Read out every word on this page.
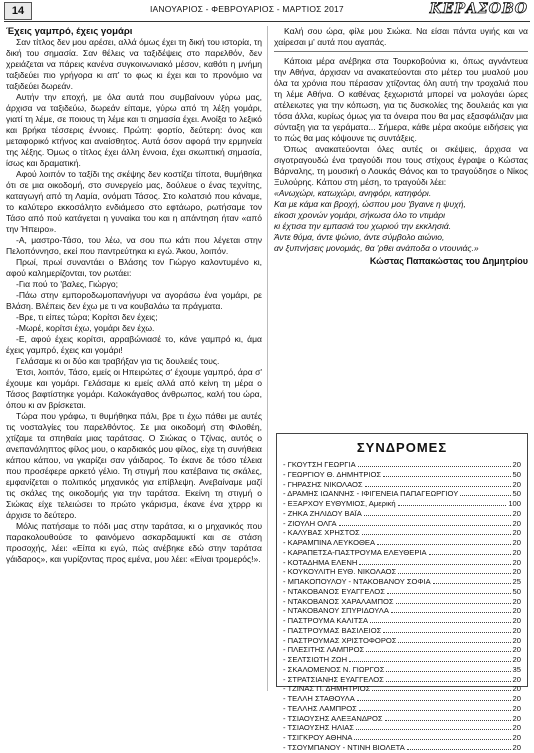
14	ΙΑΝΟΥΑΡΙΟΣ - ΦΕΒΡΟΥΑΡΙΟΣ - ΜΑΡΤΙΟΣ 2017	ΚΕΡΑΣΟΒΟ

Έχεις γαμπρό, έχεις γομάρι

Σαν τίτλος δεν μου αρέσει, αλλά όμως έχει τη δική του ιστορία, τη δική του σημασία. Σαν θέλεις να ταξιδέψεις στο παρελθόν, δεν χρειάζεται να πάρεις κανένα συγκοινωνιακό μέσον, καθότι η μνήμη ταξιδεύει πιο γρήγορα κι απ' το φως κι έχει και το προνόμιο να ταξιδεύει δωρεάν.

Αυτήν την εποχή, με όλα αυτά που συμβαίνουν γύρω μας, άρχισα να ταξιδεύω, δωρεάν είπαμε, γύρω από τη λέξη γομάρι, γιατί τη λέμε, σε ποιους τη λέμε και τι σημασία έχει. Ανοίξα το λεξικό και βρήκα τέσσερις έννοιες. Πρώτη: φορτίο, δεύτερη: όνος και μεταφορικό κτήνος και αναίσθητος. Αυτά όσον αφορά την ερμηνεία της λέξης. Όμως ο τίτλος έχει άλλη έννοια, έχει σκωπτική σημασία, ίσως και δραματική.

Αφού λοιπόν το ταξίδι της σκέψης δεν κοστίζει τίποτα, θυμήθηκα ότι σε μια οικοδομή, στο συνεργείο μας, δούλευε ο ένας τεχνίτης, καταγωγή από τη Λαμία, ονόματι Τάσος. Στο κολατσιό που κάναμε, το καλύτερο εκκοσάλητο ενδιάμεσο στο εφτάωρο, ρωτήσαμε τον Τάσο από πού κατάγεται η γυναίκα του και η απάντηση ήταν «από την Ήπειρο».

-Α, μαστρο-Τάσο, του λέω, να σου πω κάτι που λέγεται στην Πελοπόννησο, εκεί που παντρεύτηκα κι εγώ. Άκου, λοιπόν.

Πρωί, πρωί συναντάει ο Βλάσης τον Γιώργο καλοντυμένο κι, αφού καλημερίζονται, τον ρωτάει:

-Για πού το 'βαλες, Γιώργο;

-Πάω στην εμποροδωμοπανήγυρι να αγοράσω ένα γομάρι, ρε Βλάση. Βλέπεις δεν έχω με τι να κουβαλάω τα πράγματα.

-Βρε, τι είπες τώρα; Κορίτσι δεν έχεις;

-Μωρέ, κορίτσι έχω, γομάρι δεν έχω.

-Ε, αφού έχεις κορίτσι, αρραβώνιασέ το, κάνε γαμπρό κι, άμα έχεις γαμπρό, έχεις και γομάρι!

Γελάσαμε κι οι δύο και τραβήξαν για τις δουλειές τους.

Έτσι, λοιπόν, Τάσο, εμείς οι Ηπειρώτες σ' έχουμε γαμπρό, άρα σ' έχουμε και γομάρι. Γελάσαμε κι εμείς αλλά από κείνη τη μέρα ο Τάσος βαφτίστηκε γομάρι. Καλοκάγαθος άνθρωπος, καλή του ώρα, όπου κι αν βρίσκεται.

Τώρα που γράφω, τι θυμήθηκα πάλι, βρε τι έχω πάθει με αυτές τις νοσταλγίες του παρελθόντος. Σε μια οικοδομή στη Φιλοθέη, χτίζαμε τα σπηθαία μιας ταράτσας. Ο Σιώκας ο Τζίνας, αυτός ο ανεπανάληπτος φίλος μου, ο καρδιακός μου φίλος, είχε τη συνήθεια κάπου κάπου, να γκαρίζει σαν γάιδαρος. Το έκανε δε τόσο τέλεια που προσέφερε αρκετό γέλιο. Τη στιγμή που κατέβαινα τις σκάλες, εμφανίζεται ο πολιτικός μηχανικός για επίβλεψη. Ανεβαίναμε μαζί τις σκάλες της οικοδομής για την ταράτσα. Εκείνη τη στιγμή ο Σιώκας είχε τελειώσει το πρώτο γκάρισμα, έκανε ένα χτρρρ κι άρχισε το δεύτερο.

Μόλις πατήσαμε το πόδι μας στην ταράτσα, κι ο μηχανικός που παρακολουθούσε το φαινόμενο ασκαρδαμυκτί και σε στάση προσοχής, λέει: «Είπα κι εγώ, πώς ανέβηκε εδώ στην ταράτσα γάιδαρος», και γυρίζοντας προς εμένα, μου λέει: «Είναι τρομερός!».

Καλή σου ώρα, φίλε μου Σιώκα. Να είσαι πάντα υγιής και να χαίρεσαι μ' αυτά που αγαπάς.

Κάποια μέρα ανέβηκα στα Τουρκοβούνια κι, όπως αγνάντευα την Αθήνα, άρχισαν να ανακατεύονται στο μέτερ του μυαλού μου όλα τα χρόνια που πέρασαν χτίζοντας όλη αυτή την τροχαλιά που τη λέμε Αθήνα. Ο καθένας ξεχωριστά μπορεί να μολογάει ώρες ατέλειωτες για την κόπωση, για τις δυσκολίες της δουλειάς και για τόσα άλλα, κυρίως όμως για τα όνειρα που θα μας εξασφάλιζαν μια σύνταξη για τα γεράματα... Σήμερα, κάθε μέρα ακούμε ειδήσεις για το πώς θα μας κόψουνε τις συντάξεις.

Όπως ανακατεύονται όλες αυτές οι σκέψεις, άρχισα να σιγοτραγουδώ ένα τραγούδι που τους στίχους έγραψε ο Κώστας Βάρναλης, τη μουσική ο Λουκάς Θάνος και το τραγούδησε ο Νίκος Ξυλούρης. Κάπου στη μέση, το τραγούδι λέει:

«Ανωχώρι, κατωχώρι, ανηφόρι, κατηφόρι.

Και με κάμα και βροχή, ώσπου μου 'βγαινε η ψυχή,

είκοσι χρονών γομάρι, σήκωσα όλο το ντιμάρι

κι έχτισα την εμπασιά του χωριού την εκκλησιά.

Άντε θύμα, άντε ψώνιο, άντε σύμβολο αιώνιο,

αν ξυπνήσεις μονομιάς, θα 'ρθει ανάποδα ο ντουνιάς.»

Κώστας Παπακώστας του Δημητρίου

ΣΥΝΔΡΟΜΕΣ
- ΓΚΟΥΤΣΗ ΓΕΩΡΓΙΑ	20
- ΓΕΩΡΓΙΟΥ Θ. ΔΗΜΗΤΡΙΟΣ	50
- ΓΗΡΑΣΗΣ ΝΙΚΟΛΑΟΣ	20
- ΔΡΑΜΗΣ ΙΩΑΝΝΗΣ - ΙΦΙΓΕΝΕΙΑ ΠΑΠΑΓΕΩΡΓΙΟΥ	50
- ΕΞΑΡΧΟΥ ΕΥΘΥΜΙΟΣ, Αμερική	100
- ΖΗΚΑ ΖΗΛΙΔΟΥ ΒΑΪΑ	20
- ΖΙΟΥΛΗ ΟΛΓΑ	20
- ΚΑΛΥΒΑΣ ΧΡΗΣΤΟΣ	20
- ΚΑΡΑΜΠΙΝΑ ΛΕΥΚΟΘΕΑ	20
- ΚΑΡΑΠΕΤΣΑ-ΠΑΣΤΡΟΥΜΑ ΕΛΕΥΘΕΡΙΑ	20
- ΚΟΤΑΔΗΜΑ ΕΛΕΝΗ	20
- ΚΟΥΚΟΥΛΙΤΗ ΕΥΘ. ΝΙΚΟΛΑΟΣ	20
- ΜΠΑΚΟΠΟΥΛΟΥ - ΝΤΑΚΟΒΑΝΟΥ ΣΟΦΙΑ	25
- ΝΤΑΚΟΒΑΝΟΣ ΕΥΑΓΓΕΛΟΣ	50
- ΝΤΑΚΟΒΑΝΟΣ ΧΑΡΑΛΑΜΠΟΣ	20
- ΝΤΑΚΟΒΑΝΟΥ ΣΠΥΡΙΔΟΥΛΑ	20
- ΠΑΣΤΡΟΥΜΑ ΚΑΛΙΤΣΑ	20
- ΠΑΣΤΡΟΥΜΑΣ ΒΑΣΙΛΕΙΟΣ	20
- ΠΑΣΤΡΟΥΜΑΣ ΧΡΙΣΤΟΦΟΡΟΣ	20
- ΠΛΕΣΙΤΗΣ ΛΑΜΠΡΟΣ	20
- ΣΕΛΤΣΙΩΤΗ ΖΩΗ	20
- ΣΚΑΛΟΜΕΝΟΣ Ν. ΓΙΩΡΓΟΣ	35
- ΣΤΡΑΤΣΙΑΝΗΣ ΕΥΑΓΓΕΛΟΣ	20
- ΤΖΙΝΑΣ Π. ΔΗΜΗΤΡΙΟΣ	20
- ΤΕΛΛΗ ΣΤΑΘΟΥΛΑ	20
- ΤΕΛΛΗΣ ΛΑΜΠΡΟΣ	20
- ΤΣΙΑΟΥΣΗΣ ΑΛΕΞΑΝΔΡΟΣ	20
- ΤΣΙΑΟΥΣΗΣ ΗΛΙΑΣ	20
- ΤΣΙΓΚΡΟΥ ΑΘΗΝΑ	20
- ΤΣΟΥΜΠΑΝΟΥ - ΝΤΙΝΗ ΒΙΟΛΕΤΑ	20
